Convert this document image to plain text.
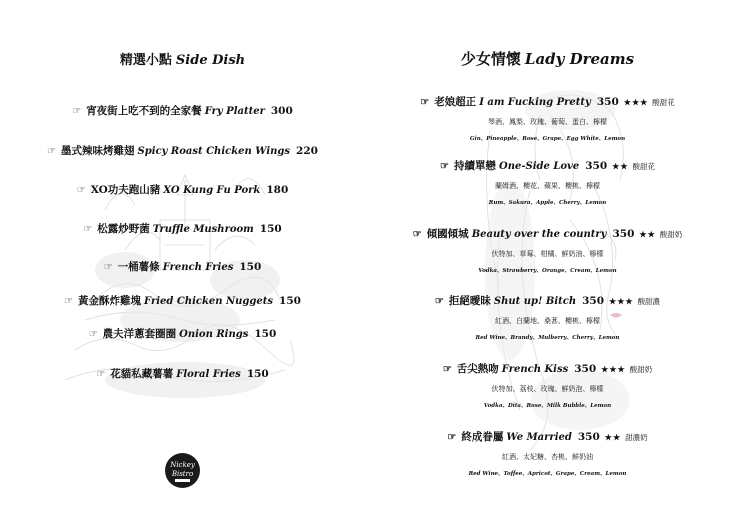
精選小點 Side Dish
☞ 宵夜街上吃不到的全家餐 Fry Platter 300
☞ 墨式辣味烤雞翅 Spicy Roast Chicken Wings 220
☞ XO功夫跑山豬 XO Kung Fu Pork 180
☞ 松露炒野菌 Truffle Mushroom 150
☞ 一桶薯條 French Fries 150
☞ 黃金酥炸雞塊 Fried Chicken Nuggets 150
☞ 農夫洋蔥套圈圈 Onion Rings 150
☞ 花貓私藏薯薯 Floral Fries 150
Nickey Bistro
少女情懷 Lady Dreams
☞ 老娘超正 I am Fucking Pretty 350 ★★★ 酸甜花
琴酒、鳳梨、玫瑰、葡萄、蛋白、檸檬
Gin、Pineapple、Rose、Grape、Egg White、Lemon
☞ 持續單戀 One-Side Love 350 ★★ 酸甜花
蘭姆酒、櫻花、蘋果、櫻桃、檸檬
Rum、Sakura、Apple、Cherry、Lemon
☞ 傾國傾城 Beauty over the country 350 ★★ 酸甜奶
伏特加、草莓、柑橘、鮮奶油、檸檬
Vodka、Strawberry、Orange、Cream、Lemon
☞ 拒絕曖昧 Shut up! Bitch 350 ★★★ 酸甜濃
紅酒、白蘭地、桑葚、櫻桃、檸檬
Red Wine、Brandy、Mulberry、Cherry、Lemon
☞ 舌尖熱吻 French Kiss 350 ★★★ 酸甜奶
伏特加、荔枝、玫瑰、鮮奶泡、檸檬
Vodka、Dita、Rose、Milk Bubble、Lemon
☞ 終成眷屬 We Married 350 ★★ 甜濃奶
紅酒、太妃糖、杏桃、鮮奶油
Red Wine、Toffee、Apricot、Grape、Cream、Lemon
